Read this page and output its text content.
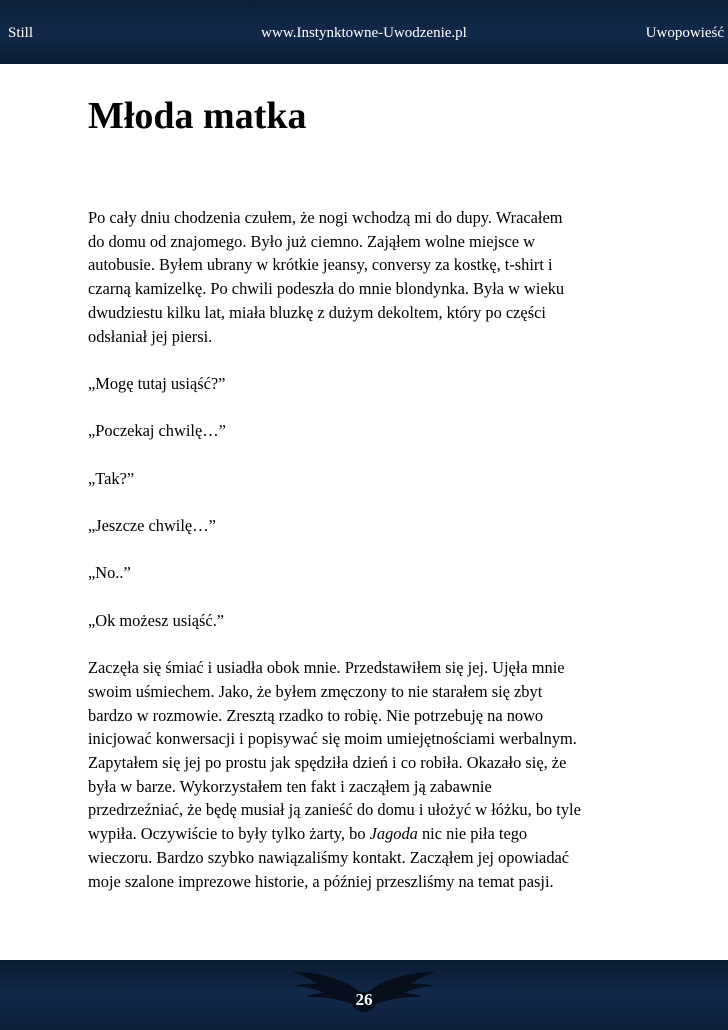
Still	www.Instynktowne-Uwodzenie.pl	Uwopowieść
Młoda matka

Po cały dniu chodzenia czułem, że nogi wchodzą mi do dupy. Wracałem
do domu od znajomego. Było już ciemno. Zająłem wolne miejsce w
autobusie. Byłem ubrany w krótkie jeansy, conversy za kostkę, t-shirt i
czarną kamizelkę. Po chwili podeszła do mnie blondynka. Była w wieku
dwudziestu kilku lat, miała bluzkę z dużym dekoltem, który po części
odsłaniał jej piersi.

„Mogę tutaj usiąść?”

„Poczekaj chwilę…”

„Tak?”

„Jeszcze chwilę…”

„No..”

„Ok możesz usiąść.”

Zaczęła się śmiać i usiadła obok mnie. Przedstawiłem się jej. Ujęła mnie
swoim uśmiechem. Jako, że byłem zmęczony to nie starałem się zbyt
bardzo w rozmowie. Zresztą rzadko to robię. Nie potrzebuję na nowo
inicjować konwersacji i popisywać się moim umiejętnościami werbalnym.
Zapytałem się jej po prostu jak spędziła dzień i co robiła. Okazało się, że
była w barze. Wykorzystałem ten fakt i zacząłem ją zabawnie
przedrzeźniać, że będę musiał ją zanieść do domu i ułożyć w łóżku, bo tyle
wypiła. Oczywiście to były tylko żarty, bo Jagoda nic nie piła tego
wieczoru. Bardzo szybko nawiązaliśmy kontakt. Zacząłem jej opowiadać
moje szalone imprezowe historie, a później przeszliśmy na temat pasji.

26
